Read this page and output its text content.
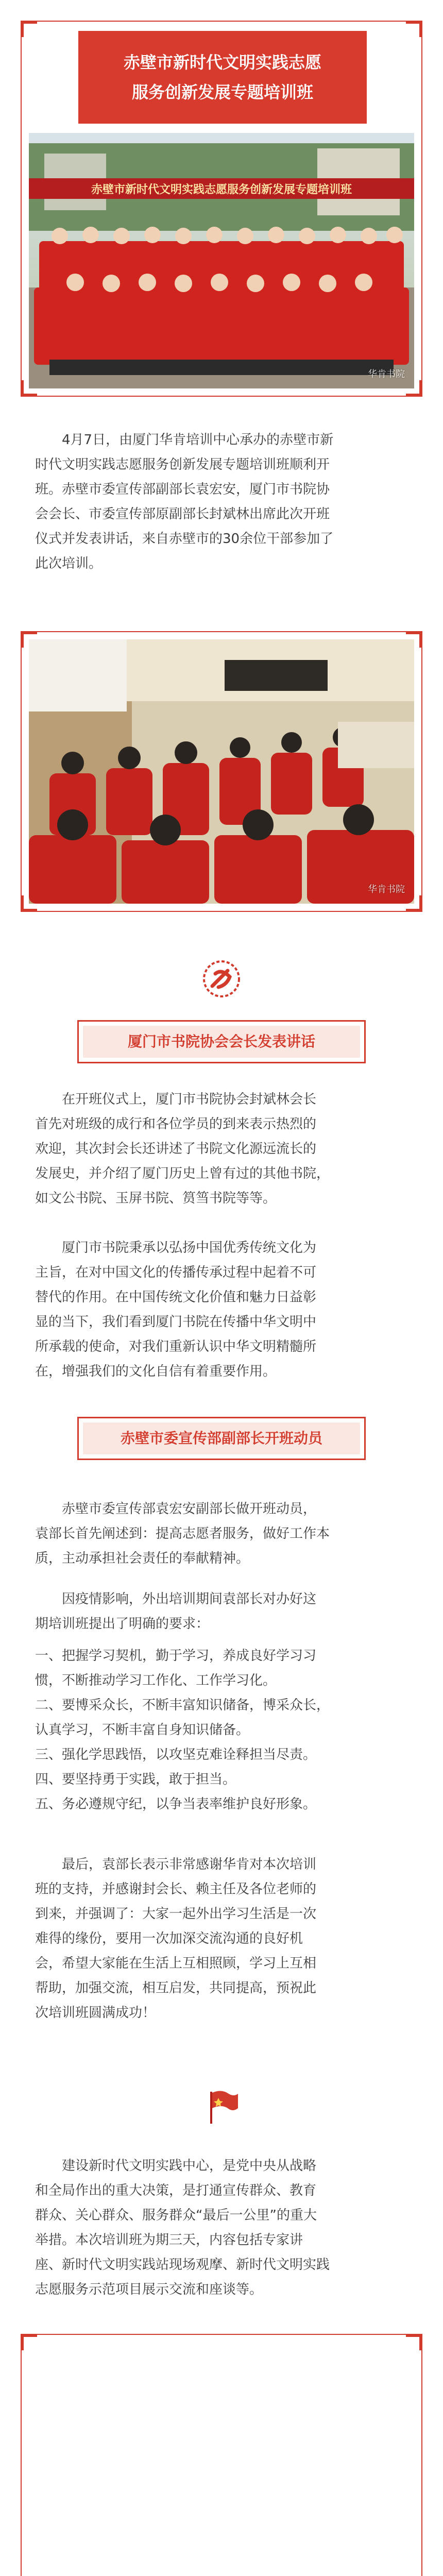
赤壁市新时代文明实践志愿
服务创新发展专题培训班
赤壁市新时代文明实践志愿服务创新发展专题培训班
华肯书院
4月7日，由厦门华肯培训中心承办的赤壁市新
时代文明实践志愿服务创新发展专题培训班顺利开
班。赤壁市委宣传部副部长袁宏安，厦门市书院协
会会长、市委宣传部原副部长封斌林出席此次开班
仪式并发表讲话，来自赤壁市的30余位干部参加了
此次培训。
华肯书院
厦门市书院协会会长发表讲话
在开班仪式上，厦门市书院协会封斌林会长
首先对班级的成行和各位学员的到来表示热烈的
欢迎，其次封会长还讲述了书院文化源远流长的
发展史，并介绍了厦门历史上曾有过的其他书院，
如文公书院、玉屏书院、筼筜书院等等。
厦门市书院秉承以弘扬中国优秀传统文化为
主旨，在对中国文化的传播传承过程中起着不可
替代的作用。在中国传统文化价值和魅力日益彰
显的当下，我们看到厦门书院在传播中华文明中
所承载的使命，对我们重新认识中华文明精髓所
在，增强我们的文化自信有着重要作用。
赤壁市委宣传部副部长开班动员
赤壁市委宣传部袁宏安副部长做开班动员，
袁部长首先阐述到：提高志愿者服务，做好工作本
质，主动承担社会责任的奉献精神。
因疫情影响，外出培训期间袁部长对办好这
期培训班提出了明确的要求：
一、把握学习契机，勤于学习，养成良好学习习
惯，不断推动学习工作化、工作学习化。
二、要博采众长，不断丰富知识储备，博采众长，
认真学习，不断丰富自身知识储备。
三、强化学思践悟，以攻坚克难诠释担当尽责。
四、要坚持勇于实践，敢于担当。
五、务必遵规守纪，以争当表率维护良好形象。
最后，袁部长表示非常感谢华肯对本次培训
班的支持，并感谢封会长、赖主任及各位老师的
到来，并强调了：大家一起外出学习生活是一次
难得的缘份，要用一次加深交流沟通的良好机
会，希望大家能在生活上互相照顾，学习上互相
帮助，加强交流，相互启发，共同提高，预祝此
次培训班圆满成功！
建设新时代文明实践中心，是党中央从战略
和全局作出的重大决策，是打通宣传群众、教育
群众、关心群众、服务群众“最后一公里”的重大
举措。本次培训班为期三天，内容包括专家讲
座、新时代文明实践站现场观摩、新时代文明实践
志愿服务示范项目展示交流和座谈等。
